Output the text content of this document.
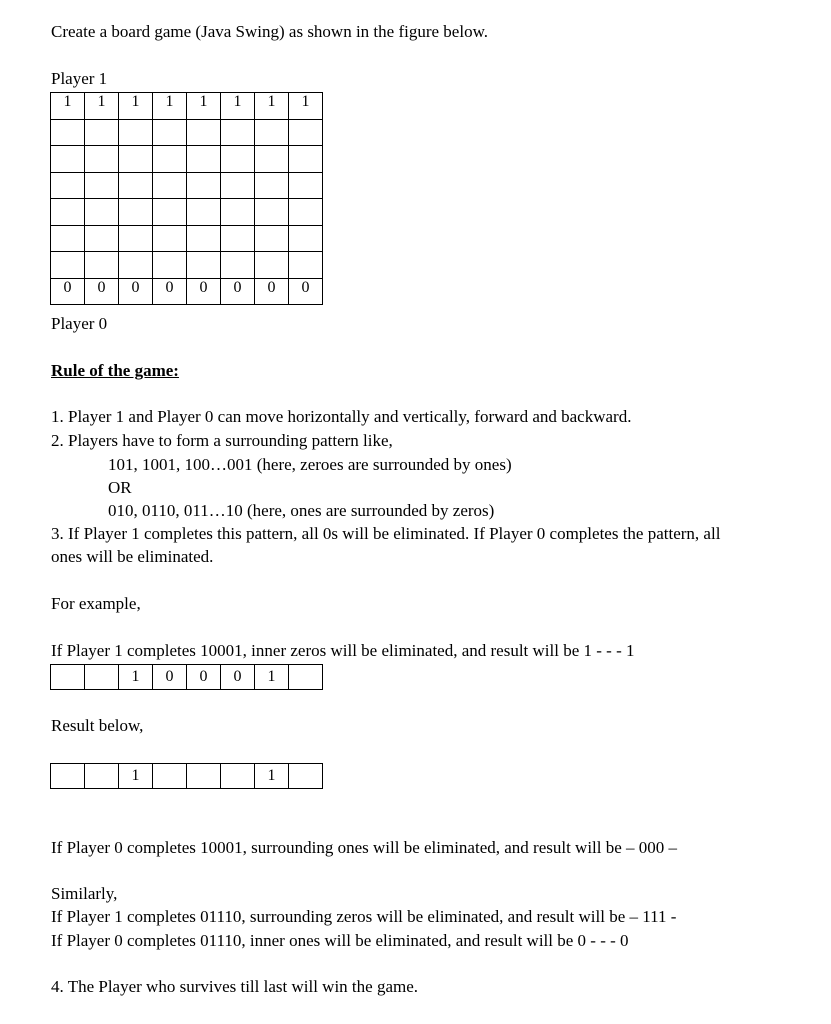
Create a board game (Java Swing) as shown in the figure below.
Player 1
1	1	1	1	1	1	1	1

0	0	0	0	0	0	0	0
Player 0
Rule of the game:
1. Player 1 and Player 0 can move horizontally and vertically, forward and backward.
2. Players have to form a surrounding pattern like,
101, 1001, 100…001 (here, zeroes are surrounded by ones)
OR
010, 0110, 011…10 (here, ones are surrounded by zeros)
3. If Player 1 completes this pattern, all 0s will be eliminated. If Player 0 completes the pattern, all
ones will be eliminated.
For example,
If Player 1 completes 10001, inner zeros will be eliminated, and result will be 1 - - - 1
		1	0	0	0	1	
Result below,
		1				1	
If Player 0 completes 10001, surrounding ones will be eliminated, and result will be – 000 –
Similarly,
If Player 1 completes 01110, surrounding zeros will be eliminated, and result will be – 111 -
If Player 0 completes 01110, inner ones will be eliminated, and result will be 0 - - - 0
4. The Player who survives till last will win the game.
